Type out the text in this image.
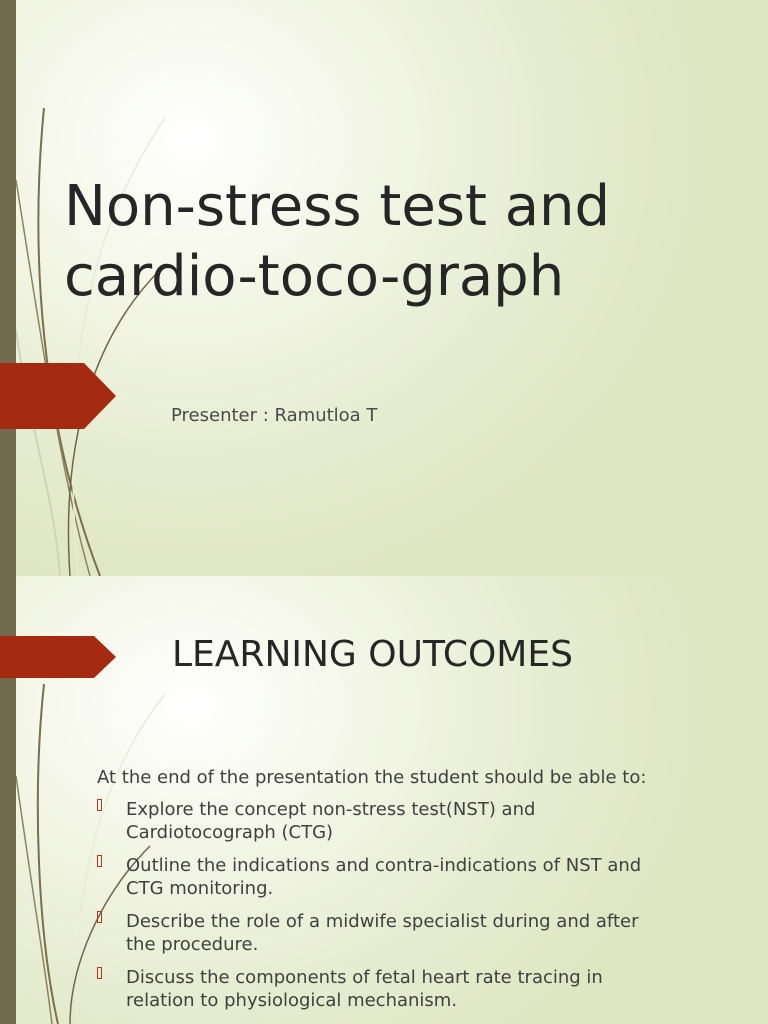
Non-stress test and
cardio-toco-graph
Presenter : Ramutloa T
LEARNING OUTCOMES
At the end of the presentation the student should be able to:
Explore the concept non-stress test(NST) and
Cardiotocograph (CTG)
Outline the indications and contra-indications of NST and
CTG monitoring.
Describe the role of a midwife specialist during and after
the procedure.
Discuss the components of fetal heart rate tracing in
relation to physiological mechanism.
